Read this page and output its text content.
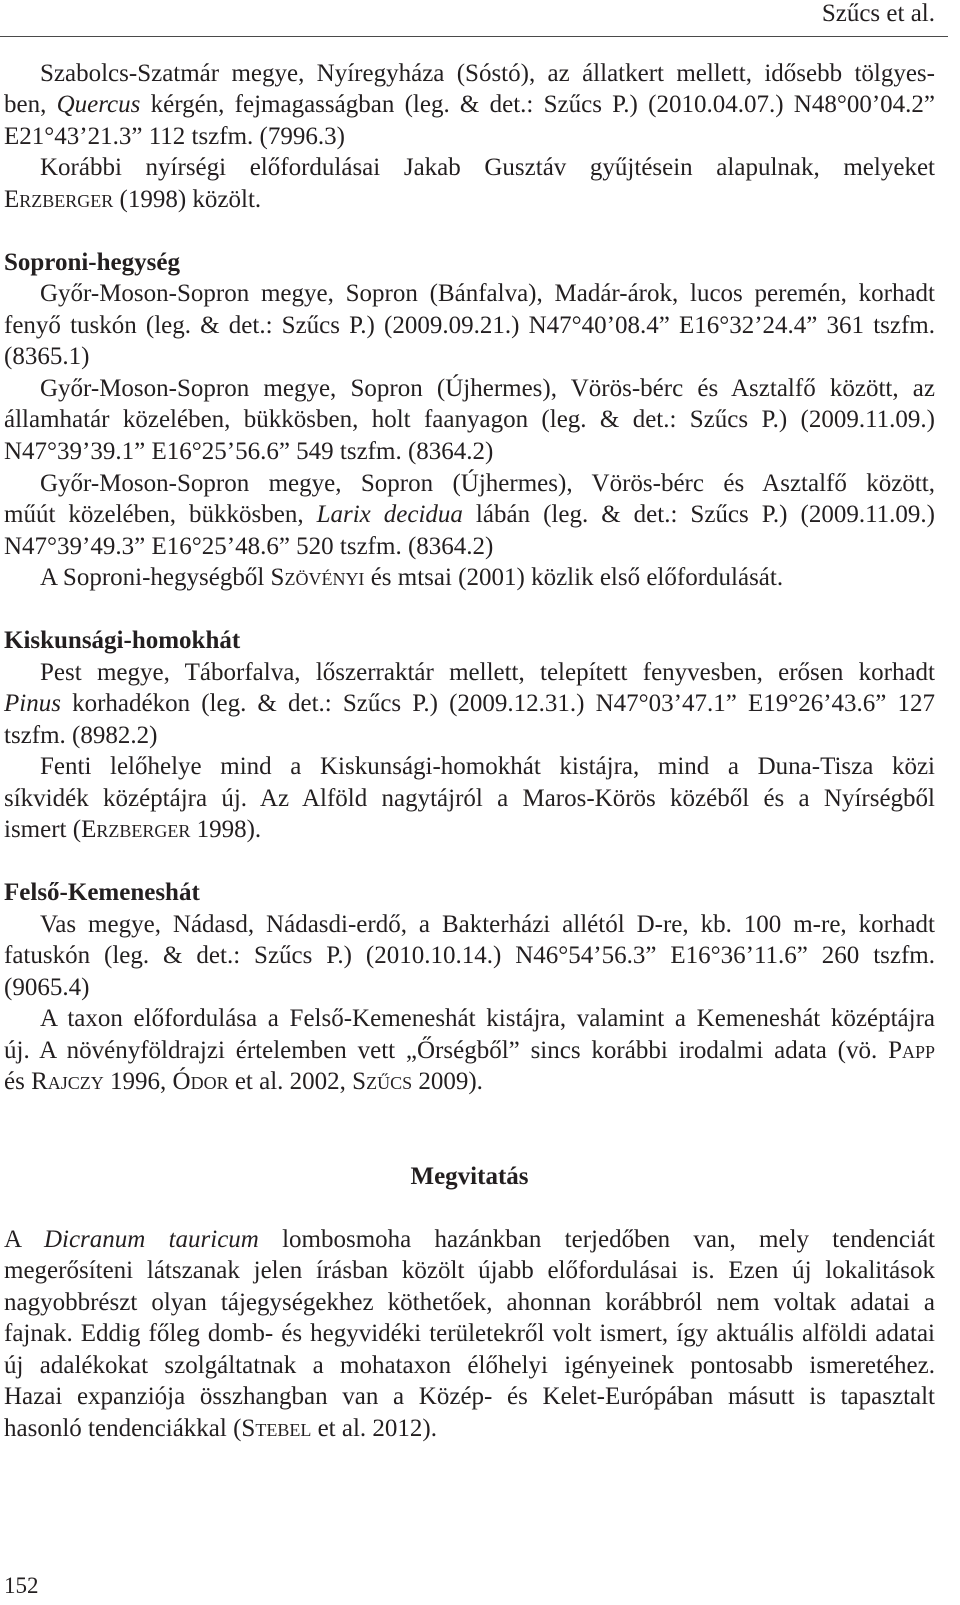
Szűcs et al.
Szabolcs-Szatmár megye, Nyíregyháza (Sóstó), az állatkert mellett, idősebb tölgyes-
ben, Quercus kérgén, fejmagasságban (leg. & det.: Szűcs P.) (2010.04.07.) N48°00’04.2”
E21°43’21.3” 112 tszfm. (7996.3)
Korábbi nyírségi előfordulásai Jakab Gusztáv gyűjtésein alapulnak, melyeket
Erzberger (1998) közölt.
Soproni-hegység
Győr-Moson-Sopron megye, Sopron (Bánfalva), Madár-árok, lucos peremén, korhadt
fenyő tuskón (leg. & det.: Szűcs P.) (2009.09.21.) N47°40’08.4” E16°32’24.4” 361 tszfm.
(8365.1)
Győr-Moson-Sopron megye, Sopron (Újhermes), Vörös-bérc és Asztalfő között, az
államhatár közelében, bükkösben, holt faanyagon (leg. & det.: Szűcs P.) (2009.11.09.)
N47°39’39.1” E16°25’56.6” 549 tszfm. (8364.2)
Győr-Moson-Sopron megye, Sopron (Újhermes), Vörös-bérc és Asztalfő között,
műút közelében, bükkösben, Larix decidua lábán (leg. & det.: Szűcs P.) (2009.11.09.)
N47°39’49.3” E16°25’48.6” 520 tszfm. (8364.2)
A Soproni-hegységből Szövényi és mtsai (2001) közlik első előfordulását.
Kiskunsági-homokhát
Pest megye, Táborfalva, lőszerraktár mellett, telepített fenyvesben, erősen korhadt
Pinus korhadékon (leg. & det.: Szűcs P.) (2009.12.31.) N47°03’47.1” E19°26’43.6” 127
tszfm. (8982.2)
Fenti lelőhelye mind a Kiskunsági-homokhát kistájra, mind a Duna-Tisza közi
síkvidék középtájra új. Az Alföld nagytájról a Maros-Körös közéből és a Nyírségből
ismert (Erzberger 1998).
Felső-Kemeneshát
Vas megye, Nádasd, Nádasdi-erdő, a Bakterházi allétól D-re, kb. 100 m-re, korhadt
fatuskón (leg. & det.: Szűcs P.) (2010.10.14.) N46°54’56.3” E16°36’11.6” 260 tszfm.
(9065.4)
A taxon előfordulása a Felső-Kemeneshát kistájra, valamint a Kemeneshát középtájra
új. A növényföldrajzi értelemben vett „Őrségből” sincs korábbi irodalmi adata (vö. Papp
és Rajczy 1996, Ódor et al. 2002, Szűcs 2009).
Megvitatás
A Dicranum tauricum lombosmoha hazánkban terjedőben van, mely tendenciát
megerősíteni látszanak jelen írásban közölt újabb előfordulásai is. Ezen új lokalitások
nagyobbrészt olyan tájegységekhez köthetőek, ahonnan korábbról nem voltak adatai a
fajnak. Eddig főleg domb- és hegyvidéki területekről volt ismert, így aktuális alföldi adatai
új adalékokat szolgáltatnak a mohataxon élőhelyi igényeinek pontosabb ismeretéhez.
Hazai expanziója összhangban van a Közép- és Kelet-Európában másutt is tapasztalt
hasonló tendenciákkal (Stebel et al. 2012).
152
